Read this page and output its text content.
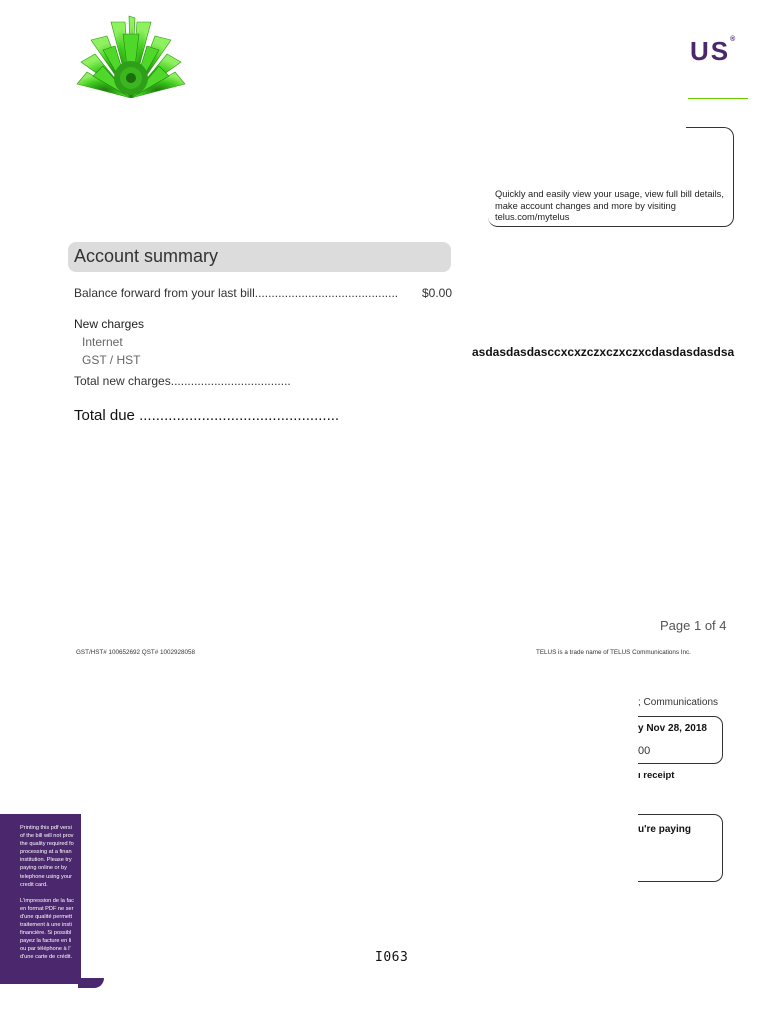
US®
Quickly and easily view your usage, view full bill details,
make account changes and more by visiting
telus.com/mytelus
Account summary
Balance forward from your last bill ...........................................	$0.00
New charges
Internet
GST / HST
Total new charges....................................
Total due ................................................
asdasdasdasccxcxzczxczxczxcdasdasdasdsa
Page 1 of 4
GST/HST# 100652692 QST# 1002928058	TELUS is a trade name of TELUS Communications Inc.
; Communications
y Nov 28, 2018
00
ı receipt
u're paying

Printing this pdf versi

of the bill will not prov

the quality required fo

processing at a finan

institution. Please try

paying online or by

telephone using your

credit card.

L'impression de la fac

en format PDF ne ser

d'une qualité permett

traitement à une insti

financière. Si possibl

payez la facture en li

ou par téléphone à l'

d'une carte de crédit.	I063
